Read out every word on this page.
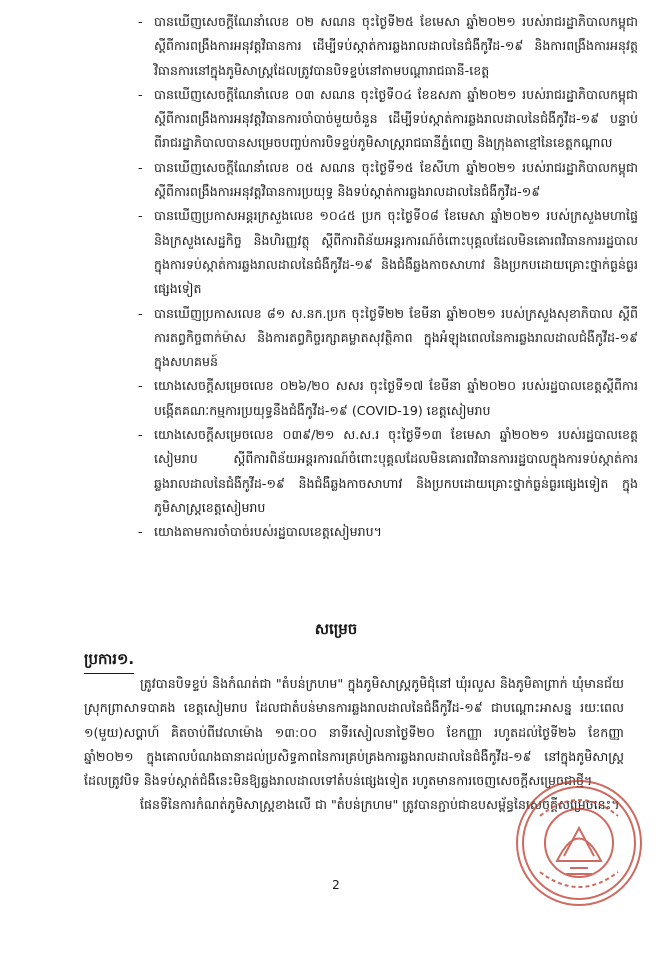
- បានឃើញសេចក្តីណែនាំលេខ ០២ សណន ចុះថ្ងៃទី២៥ ខែមេសា ឆ្នាំ២០២១ របស់រាជរដ្ឋាភិបាលកម្ពុជា ស្តីពីការពង្រឹងការអនុវត្តវិធានការ ដើម្បីទប់ស្កាត់ការឆ្លងរាលដាលនៃជំងឺកូវីដ-១៩ និងការពង្រឹងការអនុវត្តវិធានការនៅក្នុងភូមិសាស្ត្រដែលត្រូវបានបិទខ្ទប់នៅតាមបណ្តារាជធានី-ខេត្ត
- បានឃើញសេចក្តីណែនាំលេខ ០៣ សណន ចុះថ្ងៃទី០៤ ខែឧសភា ឆ្នាំ២០២១ របស់រាជរដ្ឋាភិបាលកម្ពុជា ស្តីពីការពង្រឹងការអនុវត្តវិធានការចាំបាច់មួយចំនួន ដើម្បីទប់ស្កាត់ការឆ្លងរាលដាលនៃជំងឺកូវីដ-១៩ បន្ទាប់ពីរាជរដ្ឋាភិបាលបានសម្រេចបញ្ចប់ការបិទខ្ទប់ភូមិសាស្ត្ររាជធានីភ្នំពេញ និងក្រុងតាខ្មៅនៃខេត្តកណ្តាល
- បានឃើញសេចក្តីណែនាំលេខ ០៥ សណន ចុះថ្ងៃទី១៥ ខែសីហា ឆ្នាំ២០២១ របស់រាជរដ្ឋាភិបាលកម្ពុជា ស្តីពីការពង្រឹងការអនុវត្តវិធានការប្រយុទ្ធ និងទប់ស្កាត់ការឆ្លងរាលដាលនៃជំងឺកូវីដ-១៩
- បានឃើញប្រកាសអន្តរក្រសួងលេខ ១០៤៥ ប្រក ចុះថ្ងៃទី០៨ ខែមេសា ឆ្នាំ២០២១ របស់ក្រសួងមហាផ្ទៃ និងក្រសួងសេដ្ឋកិច្ច និងហិរញ្ញវត្ថុ ស្តីពីការពិន័យអន្តរការណ៍ចំពោះបុគ្គលដែលមិនគោរពវិធានការរដ្ឋបាលក្នុងការទប់ស្កាត់ការឆ្លងរាលដាលនៃជំងឺកូវីដ-១៩ និងជំងឺឆ្លងកាចសាហាវ និងប្រកបដោយគ្រោះថ្នាក់ធ្ងន់ធ្ងរផ្សេងទៀត
- បានឃើញប្រកាសលេខ ៨១ ស.នក.ប្រក ចុះថ្ងៃទី២២ ខែមីនា ឆ្នាំ២០២១ របស់ក្រសួងសុខាភិបាល ស្តីពីការតព្វកិច្ចពាក់ម៉ាស និងការតព្វកិច្ចរក្សាគម្លាតសុវត្ថិភាព ក្នុងអំឡុងពេលនៃការឆ្លងរាលដាលជំងឺកូវីដ-១៩ ក្នុងសហគមន៍
- យោងសេចក្តីសម្រេចលេខ ០២៦/២០ សសរ ចុះថ្ងៃទី១៧ ខែមីនា ឆ្នាំ២០២០ របស់រដ្ឋបាលខេត្តស្តីពីការបង្កើតគណៈកម្មការប្រយុទ្ធនឹងជំងឺកូវីដ-១៩ (COVID-19) ខេត្តសៀមរាប
- យោងសេចក្តីសម្រេចលេខ ០៣៩/២១ ស.ស.រ ចុះថ្ងៃទី១៣ ខែមេសា ឆ្នាំ២០២១ របស់រដ្ឋបាលខេត្តសៀមរាប ស្តីពីការពិន័យអន្តរការណ៍ចំពោះបុគ្គលដែលមិនគោរពវិធានការរដ្ឋបាលក្នុងការទប់ស្កាត់ការឆ្លងរាលដាលនៃជំងឺកូវីដ-១៩ និងជំងឺឆ្លងកាចសាហាវ និងប្រកបដោយគ្រោះថ្នាក់ធ្ងន់ធ្ងរផ្សេងទៀត ក្នុងភូមិសាស្ត្រខេត្តសៀមរាប
- យោងតាមការចាំបាច់របស់រដ្ឋបាលខេត្តសៀមរាប។
សម្រេច
ប្រការ១.
ត្រូវបានបិទខ្ទប់ និងកំណត់ជា "តំបន់ក្រហម" ក្នុងភូមិសាស្ត្រភូមិជុំនៅ ឃុំរលួស និងភូមិតាព្រាក់ ឃុំមានជ័យ ស្រុកព្រាសាទបាគង ខេត្តសៀមរាប ដែលជាតំបន់មានការឆ្លងរាលដាលនៃជំងឺកូវីដ-១៩ ជាបណ្តោះអាសន្ន រយៈពេល ១(មួយ)សប្តាហ៍ គិតចាប់ពីវេលាម៉ោង ១៣:០០ នាទីរសៀលនាថ្ងៃទី២០ ខែកញ្ញា រហូតដល់ថ្ងៃទី២៦ ខែកញ្ញា ឆ្នាំ២០២១ ក្នុងគោលបំណងធានាដល់ប្រសិទ្ធភាពនៃការគ្រប់គ្រងការឆ្លងរាលដាលនៃជំងឺកូវីដ-១៩ នៅក្នុងភូមិសាស្ត្រដែលត្រូវបិទ និងទប់ស្កាត់ជំងឺនេះមិនឱ្យឆ្លងរាលដាលទៅតំបន់ផ្សេងទៀត រហូតមានការចេញសេចក្តីសម្រេចជាថ្មី។
ផែនទីនៃការកំណត់ភូមិសាស្ត្រខាងលើ ជា "តំបន់ក្រហម" ត្រូវបានភ្ជាប់ជាឧបសម្ព័ន្ធនៃសេចក្តីសម្រេចនេះ។
2
